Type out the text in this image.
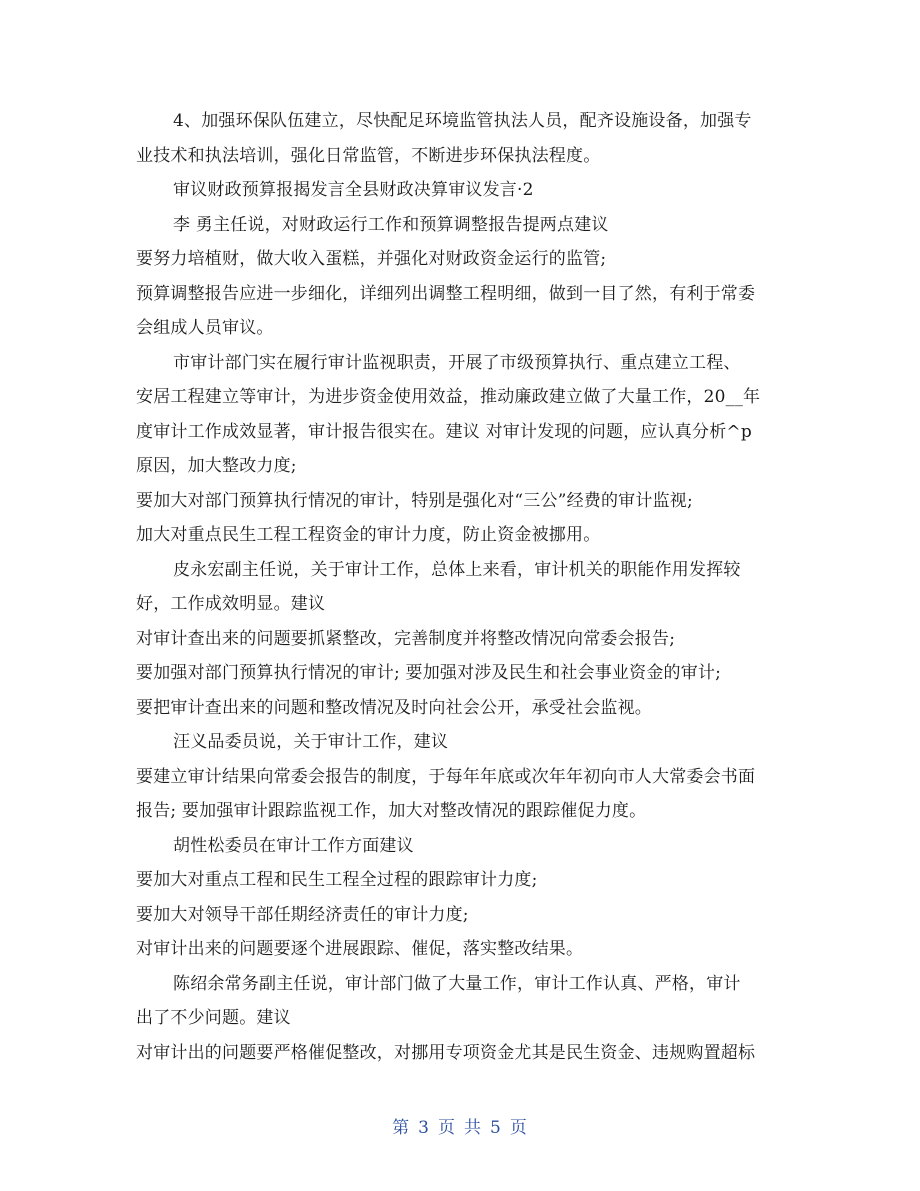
4、加强环保队伍建立，尽快配足环境监管执法人员，配齐设施设备，加强专
业技术和执法培训，强化日常监管，不断进步环保执法程度。
审议财政预算报揭发言全县财政决算审议发言·2
李 勇主任说，对财政运行工作和预算调整报告提两点建议
要努力培植财，做大收入蛋糕，并强化对财政资金运行的监管;
预算调整报告应进一步细化，详细列出调整工程明细，做到一目了然，有利于常委
会组成人员审议。
市审计部门实在履行审计监视职责，开展了市级预算执行、重点建立工程、
安居工程建立等审计，为进步资金使用效益，推动廉政建立做了大量工作，20__年
度审计工作成效显著，审计报告很实在。建议 对审计发现的问题，应认真分析^p
原因，加大整改力度;
要加大对部门预算执行情况的审计，特别是强化对“三公”经费的审计监视;
加大对重点民生工程工程资金的审计力度，防止资金被挪用。
皮永宏副主任说，关于审计工作，总体上来看，审计机关的职能作用发挥较
好，工作成效明显。建议
对审计查出来的问题要抓紧整改，完善制度并将整改情况向常委会报告;
要加强对部门预算执行情况的审计; 要加强对涉及民生和社会事业资金的审计;
要把审计查出来的问题和整改情况及时向社会公开，承受社会监视。
汪义品委员说，关于审计工作，建议
要建立审计结果向常委会报告的制度，于每年年底或次年年初向市人大常委会书面
报告; 要加强审计跟踪监视工作，加大对整改情况的跟踪催促力度。
胡性松委员在审计工作方面建议
要加大对重点工程和民生工程全过程的跟踪审计力度;
要加大对领导干部任期经济责任的审计力度;
对审计出来的问题要逐个进展跟踪、催促，落实整改结果。
陈绍余常务副主任说，审计部门做了大量工作，审计工作认真、严格，审计
出了不少问题。建议
对审计出的问题要严格催促整改，对挪用专项资金尤其是民生资金、违规购置超标
第 3 页 共 5 页
